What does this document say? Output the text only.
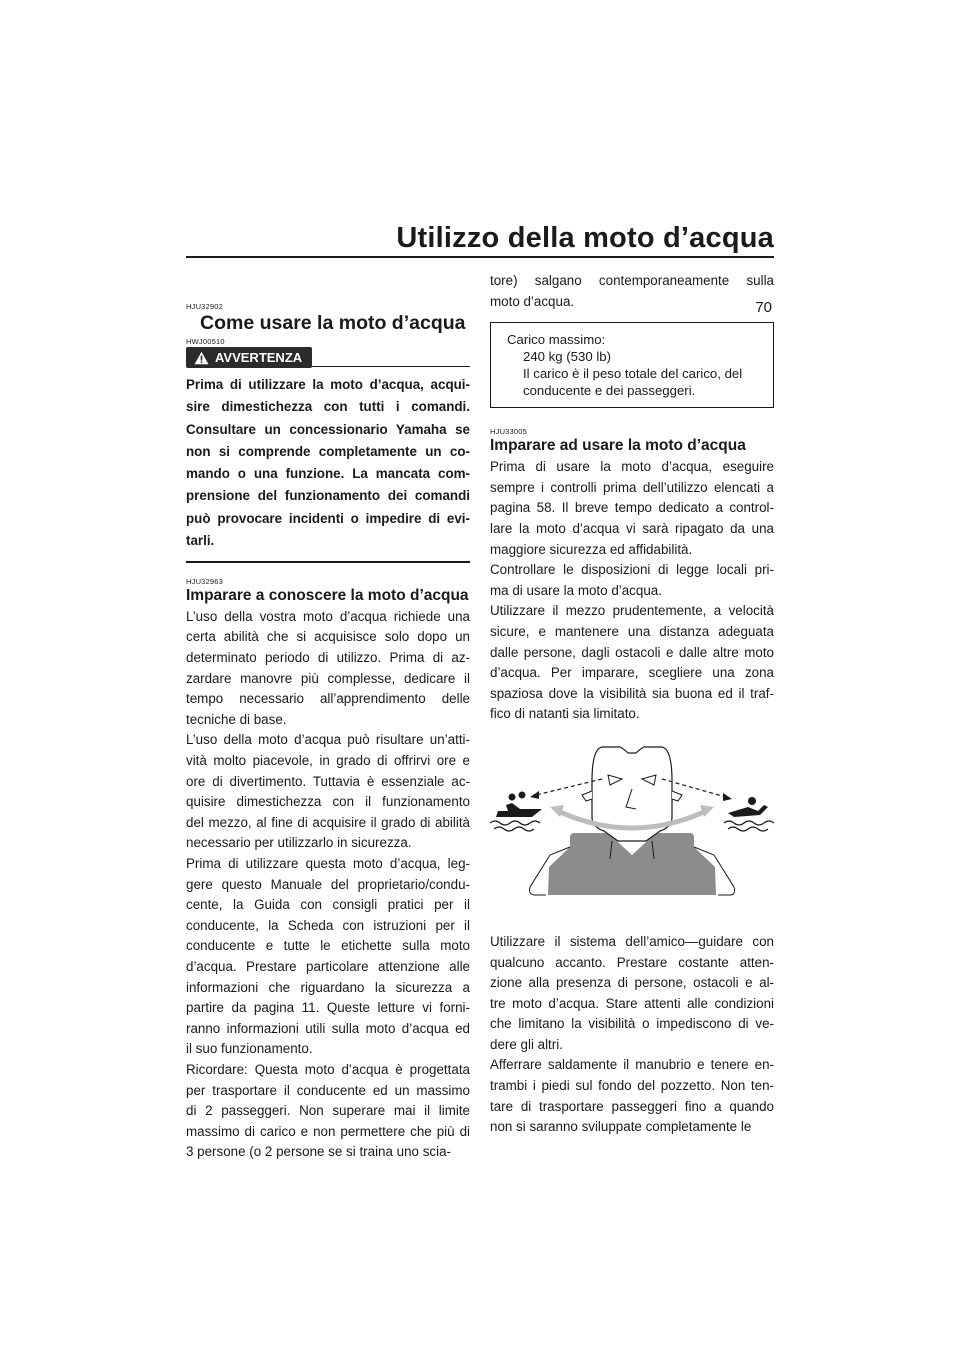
Utilizzo della moto d’acqua
70
HJU32902
Come usare la moto d’acqua
HWJ00510
AVVERTENZA

Prima di utilizzare la moto d’acqua, acqui-

sire dimestichezza con tutti i comandi.

Consultare un concessionario Yamaha se

non si comprende completamente un co-

mando o una funzione. La mancata com-

prensione del funzionamento dei comandi

può provocare incidenti o impedire di evi-

tarli.

HJU32963
Imparare a conoscere la moto d’acqua

L’uso della vostra moto d’acqua richiede una

certa abilità che si acquisisce solo dopo un

determinato periodo di utilizzo. Prima di az-

zardare manovre più complesse, dedicare il

tempo necessario all’apprendimento delle

tecniche di base.

L’uso della moto d’acqua può risultare un’atti-

vità molto piacevole, in grado di offrirvi ore e

ore di divertimento. Tuttavia è essenziale ac-

quisire dimestichezza con il funzionamento

del mezzo, al fine di acquisire il grado di abilità

necessario per utilizzarlo in sicurezza.

Prima di utilizzare questa moto d’acqua, leg-

gere questo Manuale del proprietario/condu-

cente, la Guida con consigli pratici per il

conducente, la Scheda con istruzioni per il

conducente e tutte le etichette sulla moto

d’acqua. Prestare particolare attenzione alle

informazioni che riguardano la sicurezza a

partire da pagina 11. Queste letture vi forni-

ranno informazioni utili sulla moto d’acqua ed

il suo funzionamento.

Ricordare: Questa moto d’acqua è progettata

per trasportare il conducente ed un massimo

di 2 passeggeri. Non superare mai il limite

massimo di carico e non permettere che più di

3 persone (o 2 persone se si traina uno scia-

tore) salgano contemporaneamente sulla

moto d’acqua.

Carico massimo:
240 kg (530 lb)
Il carico è il peso totale del carico, del
conducente e dei passeggeri.
HJU33005
Imparare ad usare la moto d’acqua

Prima di usare la moto d’acqua, eseguire

sempre i controlli prima dell’utilizzo elencati a

pagina 58. Il breve tempo dedicato a control-

lare la moto d’acqua vi sarà ripagato da una

maggiore sicurezza ed affidabilità.

Controllare le disposizioni di legge locali pri-

ma di usare la moto d’acqua.

Utilizzare il mezzo prudentemente, a velocità

sicure, e mantenere una distanza adeguata

dalle persone, dagli ostacoli e dalle altre moto

d’acqua. Per imparare, scegliere una zona

spaziosa dove la visibilità sia buona ed il traf-

fico di natanti sia limitato.

Utilizzare il sistema dell’amico—guidare con

qualcuno accanto. Prestare costante atten-

zione alla presenza di persone, ostacoli e al-

tre moto d’acqua. Stare attenti alle condizioni

che limitano la visibilità o impediscono di ve-

dere gli altri.

Afferrare saldamente il manubrio e tenere en-

trambi i piedi sul fondo del pozzetto. Non ten-

tare di trasportare passeggeri fino a quando

non si saranno sviluppate completamente le
